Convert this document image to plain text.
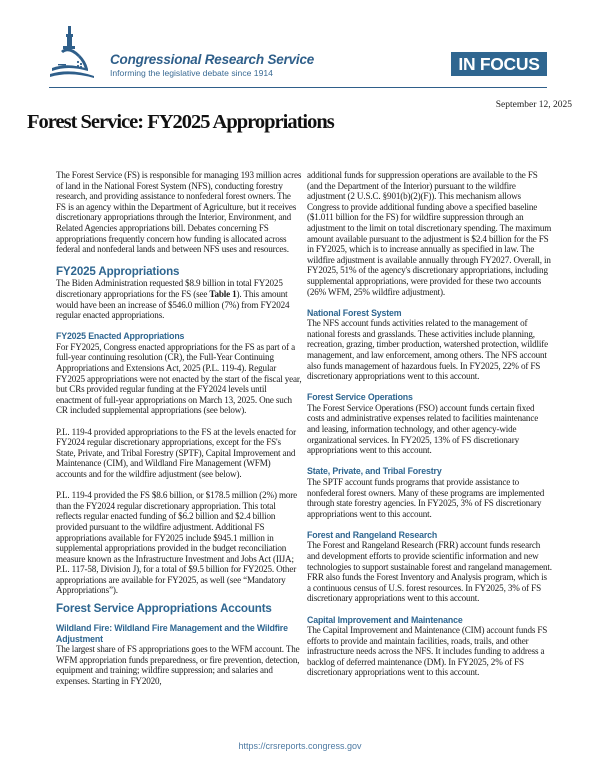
Congressional Research Service
Informing the legislative debate since 1914	IN FOCUS
September 12, 2025
Forest Service: FY2025 Appropriations

The Forest Service (FS) is responsible for managing 193 million acres of land in the National Forest System (NFS), conducting forestry research, and providing assistance to nonfederal forest owners. The FS is an agency within the Department of Agriculture, but it receives discretionary appropriations through the Interior, Environment, and Related Agencies appropriations bill. Debates concerning FS appropriations frequently concern how funding is allocated across federal and nonfederal lands and between NFS uses and resources.

FY2025 Appropriations

The Biden Administration requested $8.9 billion in total FY2025 discretionary appropriations for the FS (see Table 1). This amount would have been an increase of $546.0 million (7%) from FY2024 regular enacted appropriations.

FY2025 Enacted Appropriations

For FY2025, Congress enacted appropriations for the FS as part of a full-year continuing resolution (CR), the Full-Year Continuing Appropriations and Extensions Act, 2025 (P.L. 119-4). Regular FY2025 appropriations were not enacted by the start of the fiscal year, but CRs provided regular funding at the FY2024 levels until enactment of full-year appropriations on March 13, 2025. One such CR included supplemental appropriations (see below).

P.L. 119-4 provided appropriations to the FS at the levels enacted for FY2024 regular discretionary appropriations, except for the FS's State, Private, and Tribal Forestry (SPTF), Capital Improvement and Maintenance (CIM), and Wildland Fire Management (WFM) accounts and for the wildfire adjustment (see below).

P.L. 119-4 provided the FS $8.6 billion, or $178.5 million (2%) more than the FY2024 regular discretionary appropriation. This total reflects regular enacted funding of $6.2 billion and $2.4 billion provided pursuant to the wildfire adjustment. Additional FS appropriations available for FY2025 include $945.1 million in supplemental appropriations provided in the budget reconciliation measure known as the Infrastructure Investment and Jobs Act (IIJA; P.L. 117-58, Division J), for a total of $9.5 billion for FY2025. Other appropriations are available for FY2025, as well (see “Mandatory Appropriations”).

Forest Service Appropriations Accounts
Wildland Fire: Wildland Fire Management and the Wildfire Adjustment

The largest share of FS appropriations goes to the WFM account. The WFM appropriation funds preparedness, or fire prevention, detection, equipment and training; wildfire suppression; and salaries and expenses. Starting in FY2020,

additional funds for suppression operations are available to the FS (and the Department of the Interior) pursuant to the wildfire adjustment (2 U.S.C. §901(b)(2)(F)). This mechanism allows Congress to provide additional funding above a specified baseline ($1.011 billion for the FS) for wildfire suppression through an adjustment to the limit on total discretionary spending. The maximum amount available pursuant to the adjustment is $2.4 billion for the FS in FY2025, which is to increase annually as specified in law. The wildfire adjustment is available annually through FY2027. Overall, in FY2025, 51% of the agency's discretionary appropriations, including supplemental appropriations, were provided for these two accounts (26% WFM, 25% wildfire adjustment).

National Forest System

The NFS account funds activities related to the management of national forests and grasslands. These activities include planning, recreation, grazing, timber production, watershed protection, wildlife management, and law enforcement, among others. The NFS account also funds management of hazardous fuels. In FY2025, 22% of FS discretionary appropriations went to this account.

Forest Service Operations

The Forest Service Operations (FSO) account funds certain fixed costs and administrative expenses related to facilities maintenance and leasing, information technology, and other agency-wide organizational services. In FY2025, 13% of FS discretionary appropriations went to this account.

State, Private, and Tribal Forestry

The SPTF account funds programs that provide assistance to nonfederal forest owners. Many of these programs are implemented through state forestry agencies. In FY2025, 3% of FS discretionary appropriations went to this account.

Forest and Rangeland Research

The Forest and Rangeland Research (FRR) account funds research and development efforts to provide scientific information and new technologies to support sustainable forest and rangeland management. FRR also funds the Forest Inventory and Analysis program, which is a continuous census of U.S. forest resources. In FY2025, 3% of FS discretionary appropriations went to this account.

Capital Improvement and Maintenance

The Capital Improvement and Maintenance (CIM) account funds FS efforts to provide and maintain facilities, roads, trails, and other infrastructure needs across the NFS. It includes funding to address a backlog of deferred maintenance (DM). In FY2025, 2% of FS discretionary appropriations went to this account.

https://crsreports.congress.gov
